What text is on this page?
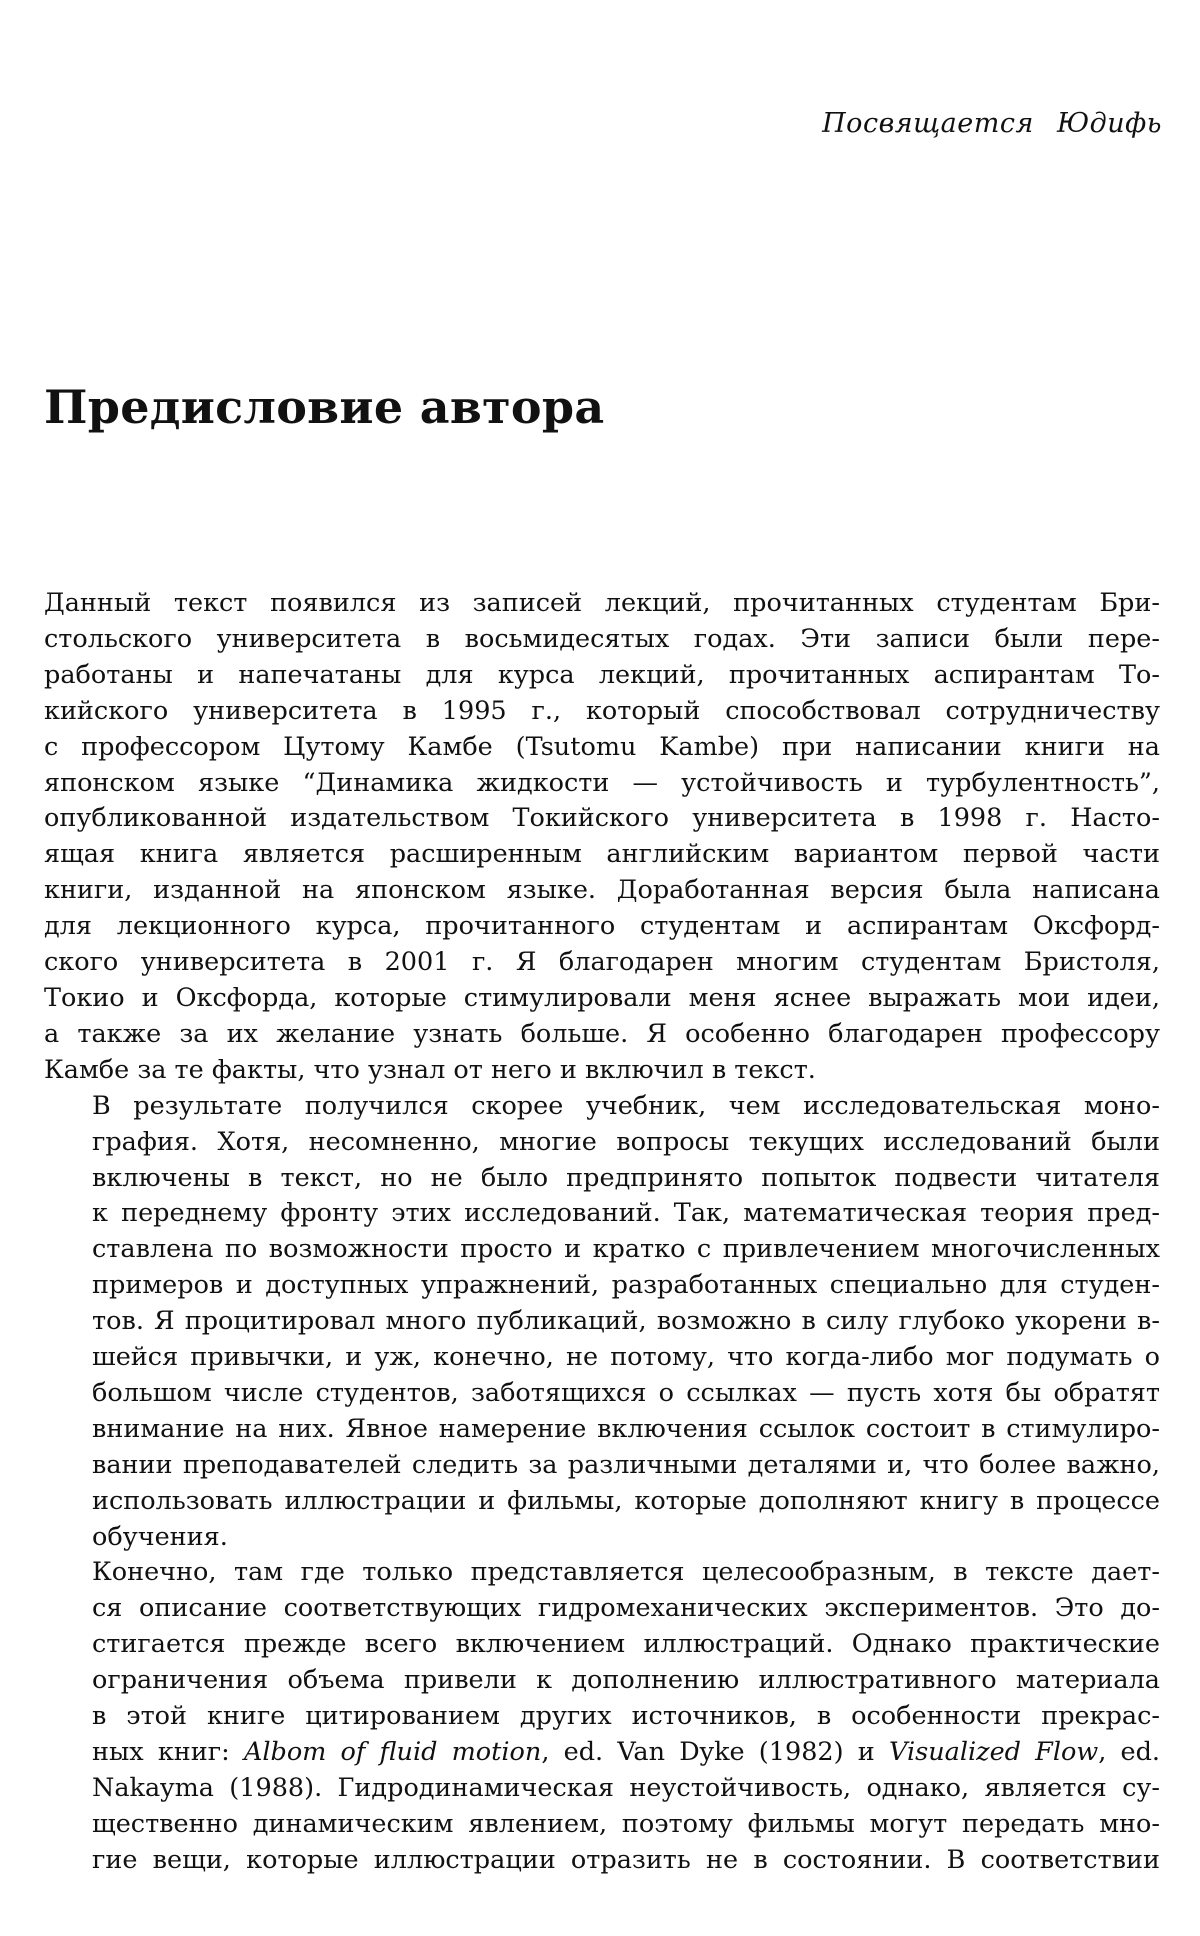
Посвящается Юдифь

Предисловие автора

Данный текст появился из записей лекций, прочитанных студентам Бри-
стольского университета в восьмидесятых годах. Эти записи были пере-
работаны и напечатаны для курса лекций, прочитанных аспирантам То-
кийского университета в 1995 г., который способствовал сотрудничеству
с профессором Цутому Камбе (Tsutomu Kambe) при написании книги на
японском языке “Динамика жидкости — устойчивость и турбулентность”,
опубликованной издательством Токийского университета в 1998 г. Насто-
ящая книга является расширенным английским вариантом первой части
книги, изданной на японском языке. Доработанная версия была написана
для лекционного курса, прочитанного студентам и аспирантам Оксфорд-
ского университета в 2001 г. Я благодарен многим студентам Бристоля,
Токио и Оксфорда, которые стимулировали меня яснее выражать мои идеи,
а также за их желание узнать больше. Я особенно благодарен профессору
Камбе за те факты, что узнал от него и включил в текст.

В результате получился скорее учебник, чем исследовательская моно-
графия. Хотя, несомненно, многие вопросы текущих исследований были
включены в текст, но не было предпринято попыток подвести читателя
к переднему фронту этих исследований. Так, математическая теория пред-
ставлена по возможности просто и кратко с привлечением многочисленных
примеров и доступных упражнений, разработанных специально для студен-
тов. Я процитировал много публикаций, возможно в силу глубоко укорени в-
шейся привычки, и уж, конечно, не потому, что когда-либо мог подумать о
большом числе студентов, заботящихся о ссылках — пусть хотя бы обратят
внимание на них. Явное намерение включения ссылок состоит в стимулиро-
вании преподавателей следить за различными деталями и, что более важно,
использовать иллюстрации и фильмы, которые дополняют книгу в процессе
обучения.

Конечно, там где только представляется целесообразным, в тексте дает-
ся описание соответствующих гидромеханических экспериментов. Это до-
стигается прежде всего включением иллюстраций. Однако практические
ограничения объема привели к дополнению иллюстративного материала
в этой книге цитированием других источников, в особенности прекрас-
ных книг: Albom of fluid motion, ed. Van Dyke (1982) и Visualized Flow, ed.
Nakayma (1988). Гидродинамическая неустойчивость, однако, является су-
щественно динамическим явлением, поэтому фильмы могут передать мно-
гие вещи, которые иллюстрации отразить не в состоянии. В соответствии
